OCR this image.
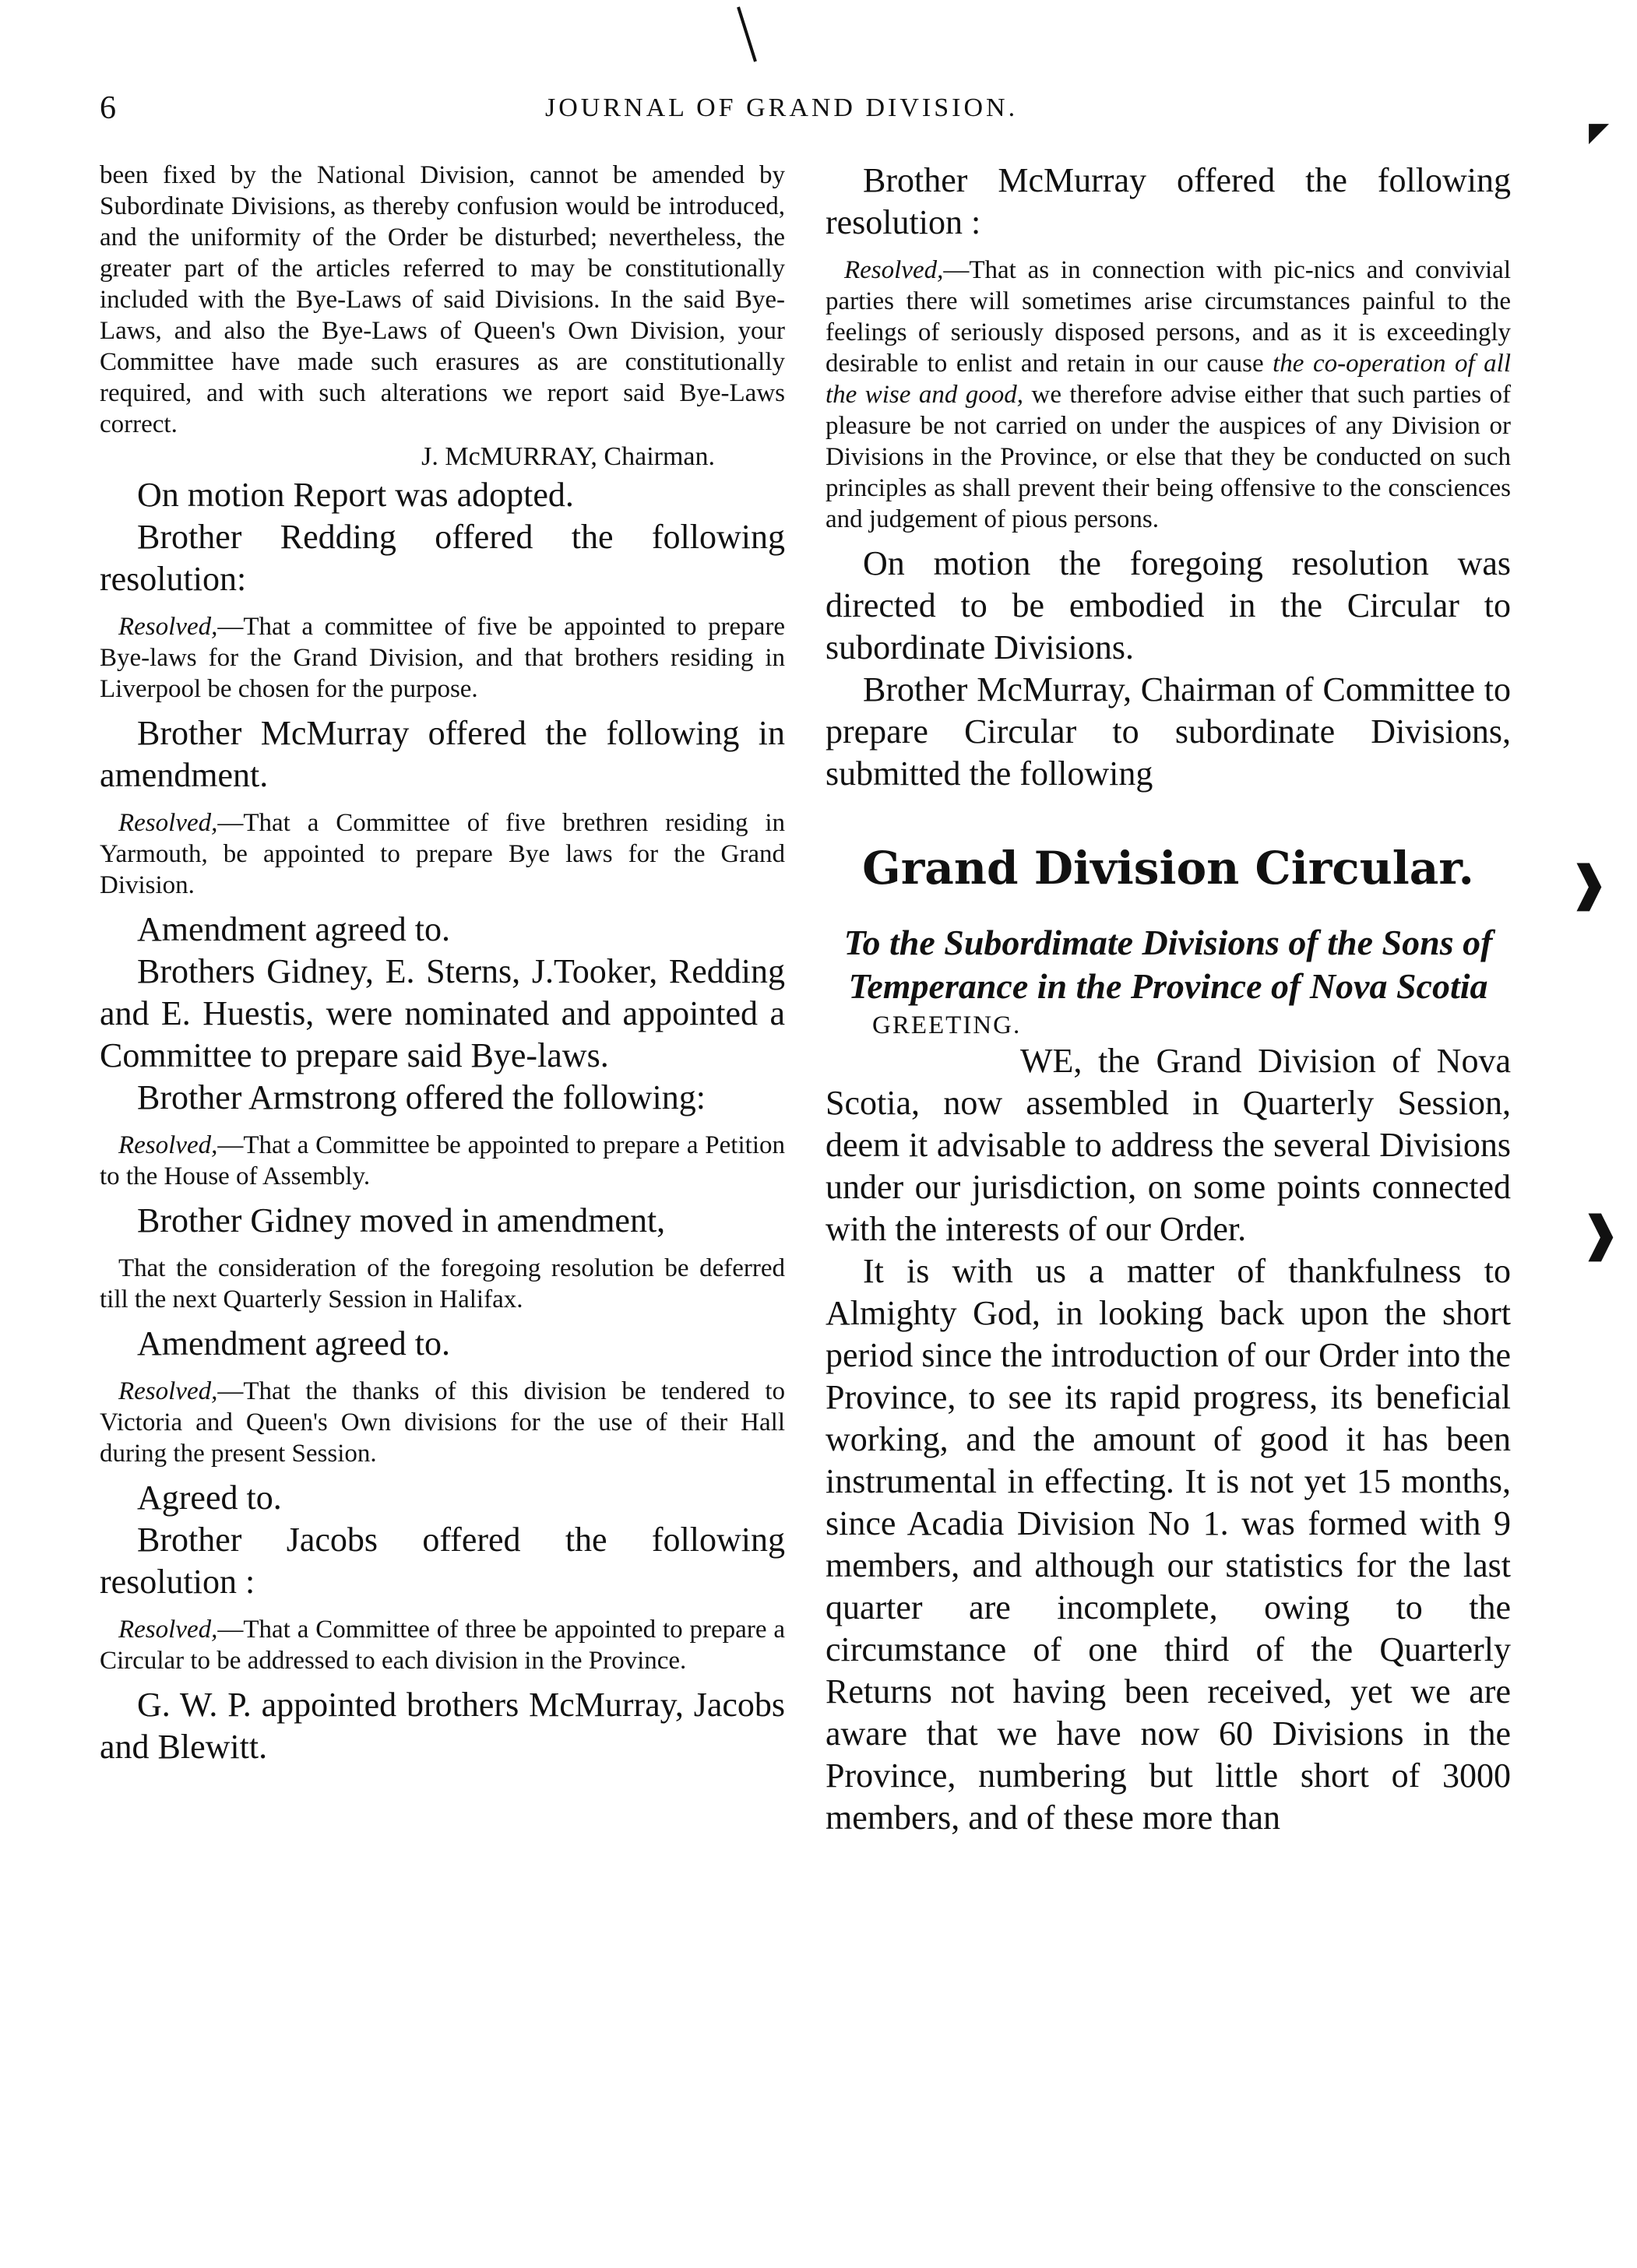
◤
❱
❱
6	JOURNAL OF GRAND DIVISION.

been fixed by the National Division, cannot be amended by Subordinate Divisions, as thereby confusion would be introduced, and the uniformity of the Order be disturbed; nevertheless, the greater part of the articles referred to may be constitutionally included with the Bye-Laws of said Divisions. In the said Bye-Laws, and also the Bye-Laws of Queen's Own Division, your Committee have made such erasures as are constitutionally required, and with such alterations we report said Bye-Laws correct.

J. McMURRAY, Chairman.

On motion Report was adopted.

Brother Redding offered the following resolution:

Resolved,—That a committee of five be appointed to prepare Bye-laws for the Grand Division, and that brothers residing in Liverpool be chosen for the purpose.

Brother McMurray offered the following in amendment.

Resolved,—That a Committee of five brethren residing in Yarmouth, be appointed to prepare Bye laws for the Grand Division.

Amendment agreed to.

Brothers Gidney, E. Sterns, J.Tooker, Redding and E. Huestis, were nominated and appointed a Committee to prepare said Bye-laws.

Brother Armstrong offered the following:

Resolved,—That a Committee be appointed to prepare a Petition to the House of Assembly.

Brother Gidney moved in amendment,

That the consideration of the foregoing resolution be deferred till the next Quarterly Session in Halifax.

Amendment agreed to.

Resolved,—That the thanks of this division be tendered to Victoria and Queen's Own divisions for the use of their Hall during the present Session.

Agreed to.

Brother Jacobs offered the following resolution :

Resolved,—That a Committee of three be appointed to prepare a Circular to be addressed to each division in the Province.

G. W. P. appointed brothers McMurray, Jacobs and Blewitt.

Brother McMurray offered the following resolution :

Resolved,—That as in connection with pic-nics and convivial parties there will sometimes arise circumstances painful to the feelings of seriously disposed persons, and as it is exceedingly desirable to enlist and retain in our cause the co-operation of all the wise and good, we therefore advise either that such parties of pleasure be not carried on under the auspices of any Division or Divisions in the Province, or else that they be conducted on such principles as shall prevent their being offensive to the consciences and judgement of pious persons.

On motion the foregoing resolution was directed to be embodied in the Circular to subordinate Divisions.

Brother McMurray, Chairman of Committee to prepare Circular to subordinate Divisions, submitted the following

Grand Division Circular.

To the Subordimate Divisions of the Sons of Temperance in the Province of Nova Scotia

GREETING.

WE, the Grand Division of Nova Scotia, now assembled in Quarterly Session, deem it advisable to address the several Divisions under our jurisdiction, on some points connected with the interests of our Order.

It is with us a matter of thankfulness to Almighty God, in looking back upon the short period since the introduction of our Order into the Province, to see its rapid progress, its beneficial working, and the amount of good it has been instrumental in effecting. It is not yet 15 months, since Acadia Division No 1. was formed with 9 members, and although our statistics for the last quarter are incomplete, owing to the circumstance of one third of the Quarterly Returns not having been received, yet we are aware that we have now 60 Divisions in the Province, numbering but little short of 3000 members, and of these more than
